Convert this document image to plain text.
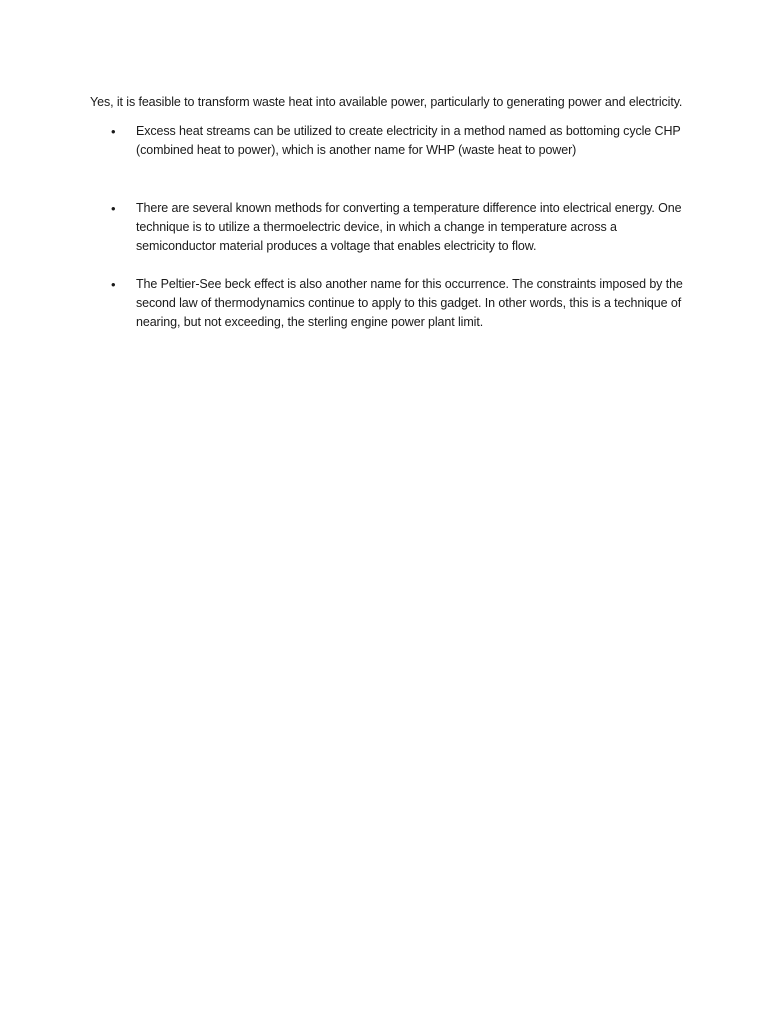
Yes, it is feasible to transform waste heat into available power, particularly to generating power and electricity.

• Excess heat streams can be utilized to create electricity in a method named as bottoming cycle CHP (combined heat to power), which is another name for WHP (waste heat to power)
• There are several known methods for converting a temperature difference into electrical energy. One technique is to utilize a thermoelectric device, in which a change in temperature across a semiconductor material produces a voltage that enables electricity to flow.
• The Peltier-See beck effect is also another name for this occurrence. The constraints imposed by the second law of thermodynamics continue to apply to this gadget. In other words, this is a technique of nearing, but not exceeding, the sterling engine power plant limit.
